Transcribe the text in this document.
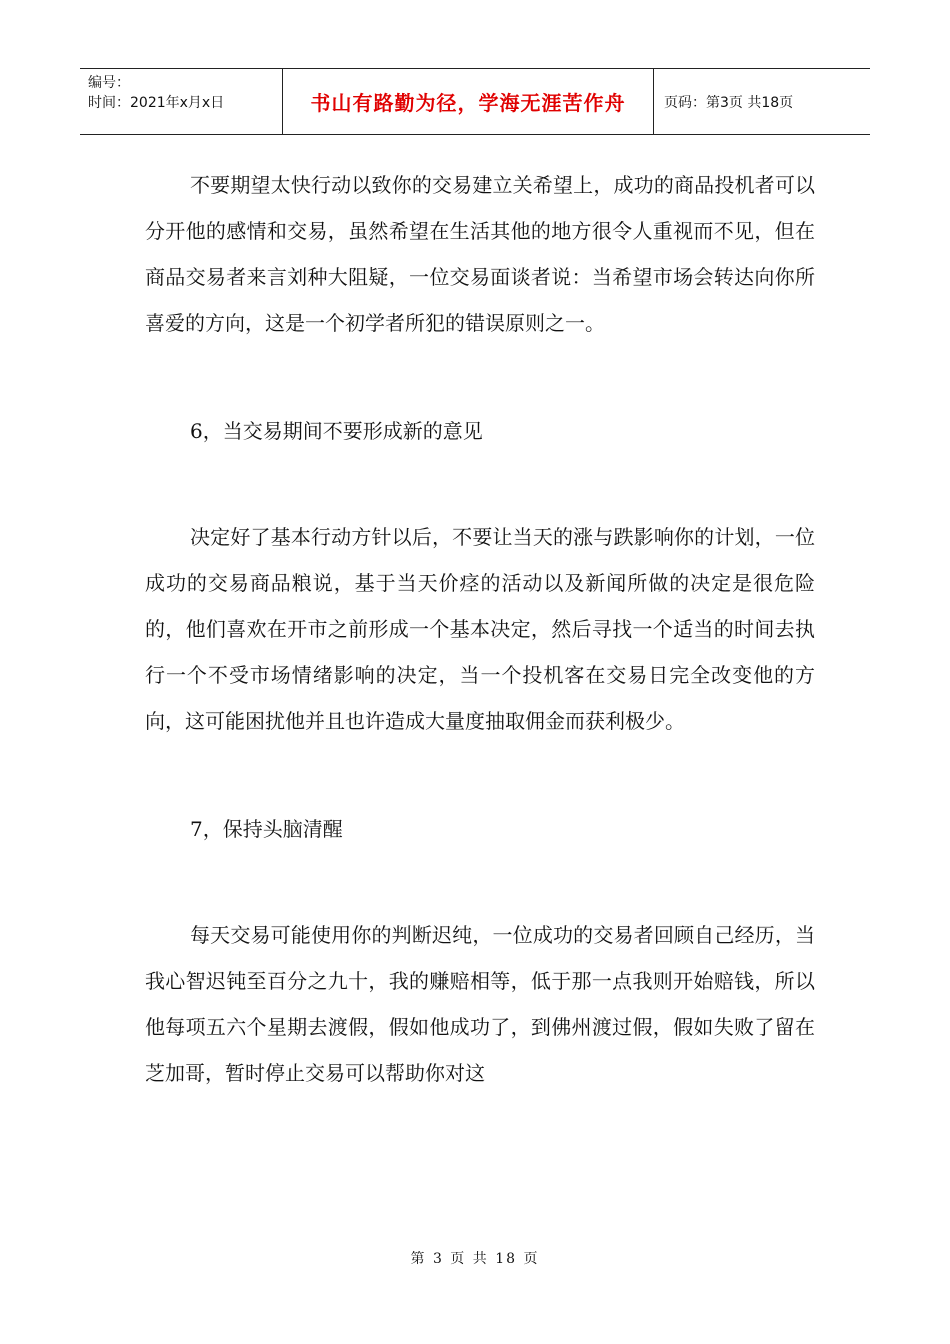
编号：
时间：2021年x月x日	书山有路勤为径，学海无涯苦作舟	页码：第3页 共18页

不要期望太快行动以致你的交易建立关希望上，成功的商品投机者可以分开他的感情和交易，虽然希望在生活其他的地方很令人重视而不见，但在商品交易者来言刘种大阻疑，一位交易面谈者说：当希望市场会转达向你所喜爱的方向，这是一个初学者所犯的错误原则之一。

6，当交易期间不要形成新的意见

决定好了基本行动方针以后，不要让当天的涨与跌影响你的计划，一位成功的交易商品粮说，基于当天价痉的活动以及新闻所做的决定是很危险的，他们喜欢在开市之前形成一个基本决定，然后寻找一个适当的时间去执行一个不受市场情绪影响的决定，当一个投机客在交易日完全改变他的方向，这可能困扰他并且也许造成大量度抽取佣金而获利极少。

7，保持头脑清醒

每天交易可能使用你的判断迟纯，一位成功的交易者回顾自己经历，当我心智迟钝至百分之九十，我的赚赔相等，低于那一点我则开始赔钱，所以他每项五六个星期去渡假，假如他成功了，到佛州渡过假，假如失败了留在芝加哥，暂时停止交易可以帮助你对这

第 3 页 共 18 页
